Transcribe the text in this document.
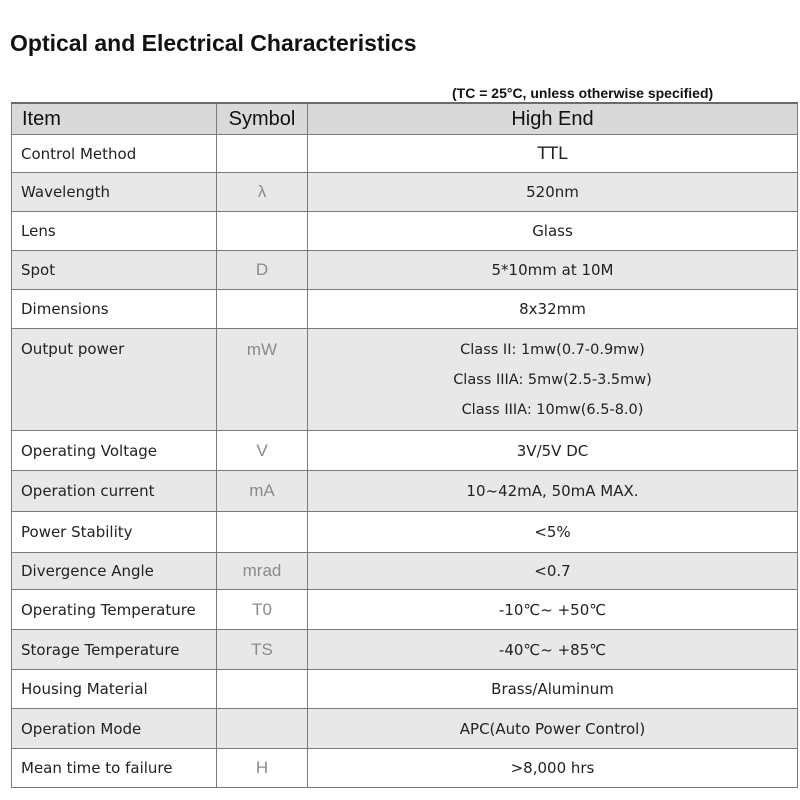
Optical and Electrical Characteristics
(TC = 25°C, unless otherwise specified)
Item	Symbol	High End
Control Method		TTL
Wavelength	λ	520nm
Lens		Glass
Spot	D	5*10mm at 10M
Dimensions		8x32mm
Output power	mW	Class II: 1mw(0.7-0.9mw)
Class IIIA: 5mw(2.5-3.5mw)
Class IIIA: 10mw(6.5-8.0)

Operating Voltage	V	3V/5V DC
Operation current	mA	10~42mA, 50mA MAX.
Power Stability		<5%
Divergence Angle	mrad	<0.7
Operating Temperature	T0	-10℃~ +50℃
Storage Temperature	TS	-40℃~ +85℃
Housing Material		Brass/Aluminum
Operation Mode		APC(Auto Power Control)
Mean time to failure	H	>8,000 hrs
